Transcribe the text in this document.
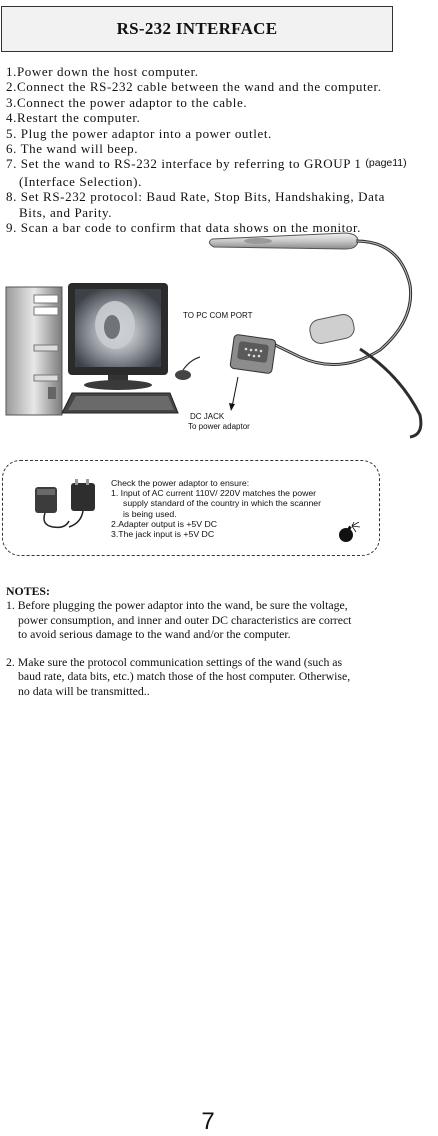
RS-232 INTERFACE
1.Power down the host computer.
2.Connect the RS-232 cable between the wand and the computer.
3.Connect the power adaptor to the cable.
4.Restart the computer.
5. Plug the power adaptor into a power outlet.
6. The wand will beep.
7. Set the wand to RS-232 interface by referring to GROUP 1 (page11)
(Interface Selection).
8. Set RS-232 protocol: Baud Rate, Stop Bits, Handshaking, Data
Bits, and Parity.
9. Scan a bar code to confirm that data shows on the monitor.
TO PC COM PORT
DC JACK
To power adaptor
Check the power adaptor to ensure:
1. Input of AC current 110V/ 220V matches the power
supply standard of the country in which the scanner
is being used.
2.Adapter output is +5V DC
3.The jack input is +5V DC
NOTES:
1. Before plugging the power adaptor into the wand, be sure the voltage,
power consumption, and inner and outer DC characteristics are correct
to avoid serious damage to the wand and/or the computer.
2. Make sure the protocol communication settings of the wand (such as
baud rate, data bits, etc.) match those of the host computer. Otherwise,
no data will be transmitted..
7
